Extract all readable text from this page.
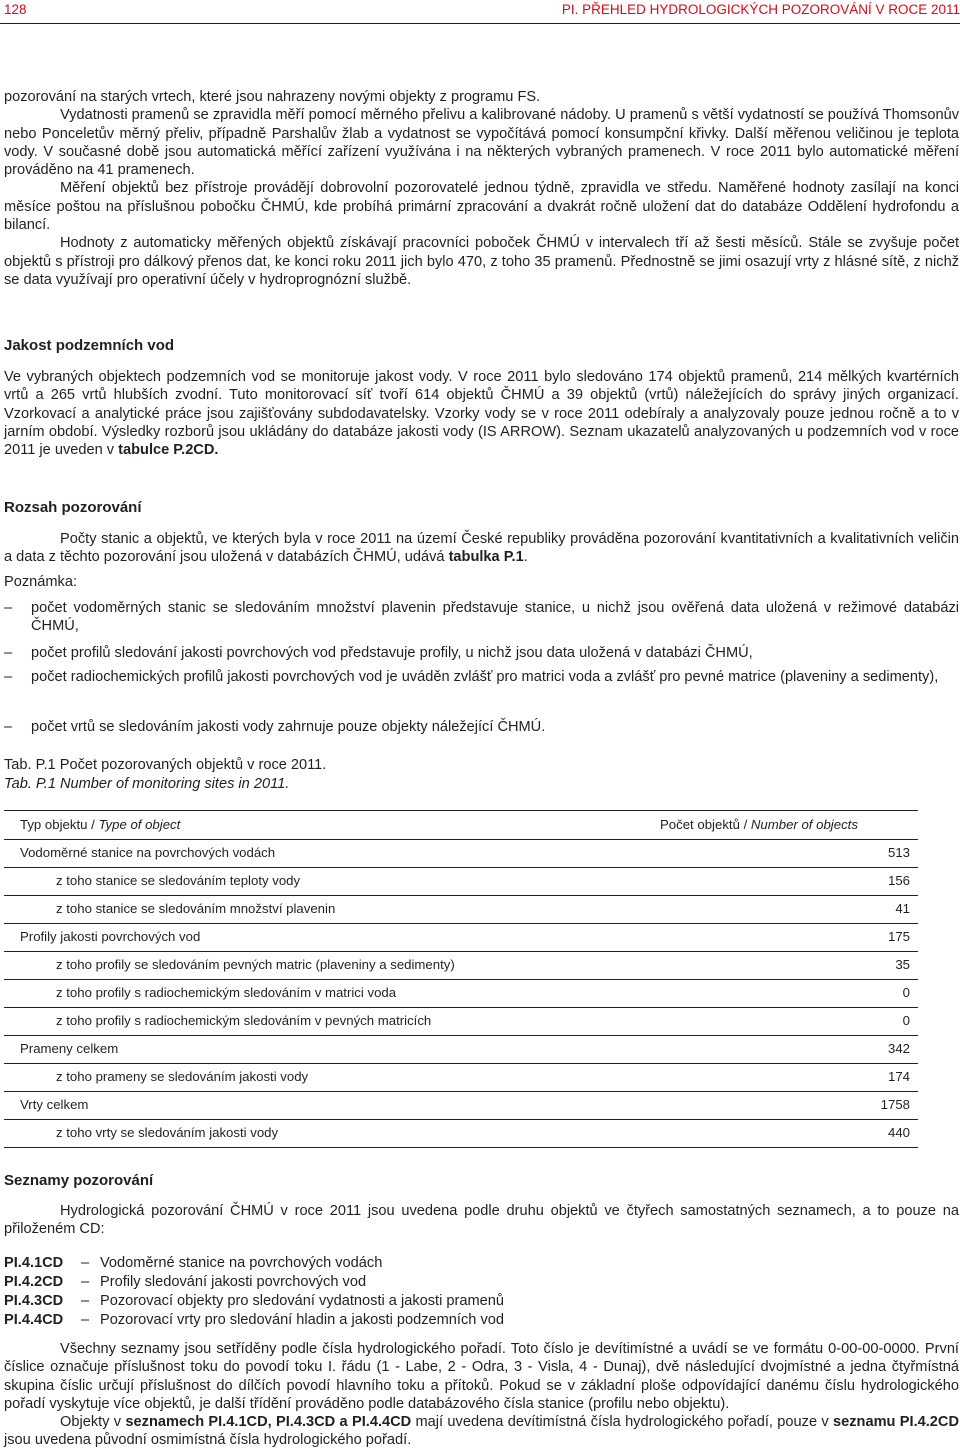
128	PI. PŘEHLED HYDROLOGICKÝCH POZOROVÁNÍ V ROCE 2011

pozorování na starých vrtech, které jsou nahrazeny novými objekty z programu FS.

Vydatnosti pramenů se zpravidla měří pomocí měrného přelivu a kalibrované nádoby. U pramenů s větší vydatností se používá Thomsonův nebo Ponceletův měrný přeliv, případně Parshalův žlab a vydatnost se vypočítává pomocí konsumpční křivky. Další měřenou veličinou je teplota vody. V současné době jsou automatická měřící zařízení využívána i na některých vybraných pramenech. V roce 2011 bylo automatické měření prováděno na 41 pramenech.

Měření objektů bez přístroje provádějí dobrovolní pozorovatelé jednou týdně, zpravidla ve středu. Naměřené hodnoty zasílají na konci měsíce poštou na příslušnou pobočku ČHMÚ, kde probíhá primární zpracování a dvakrát ročně uložení dat do databáze Oddělení hydrofondu a bilancí.

Hodnoty z automaticky měřených objektů získávají pracovníci poboček ČHMÚ v intervalech tří až šesti měsíců. Stále se zvyšuje počet objektů s přístroji pro dálkový přenos dat, ke konci roku 2011 jich bylo 470, z toho 35 pramenů. Přednostně se jimi osazují vrty z hlásné sítě, z nichž se data využívají pro operativní účely v hydroprognózní službě.

Jakost podzemních vod

Ve vybraných objektech podzemních vod se monitoruje jakost vody. V roce 2011 bylo sledováno 174 objektů pramenů, 214 mělkých kvartérních vrtů a 265 vrtů hlubších zvodní. Tuto monitorovací síť tvoří 614 objektů ČHMÚ a 39 objektů (vrtů) náležejících do správy jiných organizací. Vzorkovací a analytické práce jsou zajišťovány subdodavatelsky. Vzorky vody se v roce 2011 odebíraly a analyzovaly pouze jednou ročně a to v jarním období. Výsledky rozborů jsou ukládány do databáze jakosti vody (IS ARROW). Seznam ukazatelů analyzovaných u podzemních vod v roce 2011 je uveden v tabulce P.2CD.

Rozsah pozorování

Počty stanic a objektů, ve kterých byla v roce 2011 na území České republiky prováděna pozorování kvantitativních a kvalitativních veličin a data z těchto pozorování jsou uložená v databázích ČHMÚ, udává tabulka P.1.

Poznámka:
–	počet vodoměrných stanic se sledováním množství plavenin představuje stanice, u nichž jsou ověřená data uložená v režimové databázi ČHMÚ,
–	počet profilů sledování jakosti povrchových vod představuje profily, u nichž jsou data uložená v databázi ČHMÚ,
–	počet radiochemických profilů jakosti povrchových vod je uváděn zvlášť pro matrici voda a zvlášť pro pevné matrice (plaveniny a sedimenty),
–	počet vrtů se sledováním jakosti vody zahrnuje pouze objekty náležející ČHMÚ.
Tab. P.1 Počet pozorovaných objektů v roce 2011.
Tab. P.1 Number of monitoring sites in 2011.
Typ objektu / Type of object	Počet objektů / Number of objects
Vodoměrné stanice na povrchových vodách	513
z toho stanice se sledováním teploty vody	156
z toho stanice se sledováním množství plavenin	41
Profily jakosti povrchových vod	175
z toho profily se sledováním pevných matric (plaveniny a sedimenty)	35
z toho profily s radiochemickým sledováním v matrici voda	0
z toho profily s radiochemickým sledováním v pevných matricích	0
Prameny celkem	342
z toho prameny se sledováním jakosti vody	174
Vrty celkem	1758
z toho vrty se sledováním jakosti vody	440
Seznamy pozorování

Hydrologická pozorování ČHMÚ v roce 2011 jsou uvedena podle druhu objektů ve čtyřech samostatných seznamech, a to pouze na přiloženém CD:

PI.4.1CD	– Vodoměrné stanice na povrchových vodách
PI.4.2CD	– Profily sledování jakosti povrchových vod
PI.4.3CD	– Pozorovací objekty pro sledování vydatnosti a jakosti pramenů
PI.4.4CD	– Pozorovací vrty pro sledování hladin a jakosti podzemních vod

Všechny seznamy jsou setříděny podle čísla hydrologického pořadí. Toto číslo je devítimístné a uvádí se ve formátu 0-00-00-0000. První číslice označuje příslušnost toku do povodí toku I. řádu (1 - Labe, 2 - Odra, 3 - Visla, 4 - Dunaj), dvě následující dvojmístné a jedna čtyřmístná skupina číslic určují příslušnost do dílčích povodí hlavního toku a přítoků. Pokud se v základní ploše odpovídající danému číslu hydrologického pořadí vyskytuje více objektů, je další třídění prováděno podle databázového čísla stanice (profilu nebo objektu).

Objekty v seznamech PI.4.1CD, PI.4.3CD a PI.4.4CD mají uvedena devítimístná čísla hydrologického pořadí, pouze v seznamu PI.4.2CD jsou uvedena původní osmimístná čísla hydrologického pořadí.
